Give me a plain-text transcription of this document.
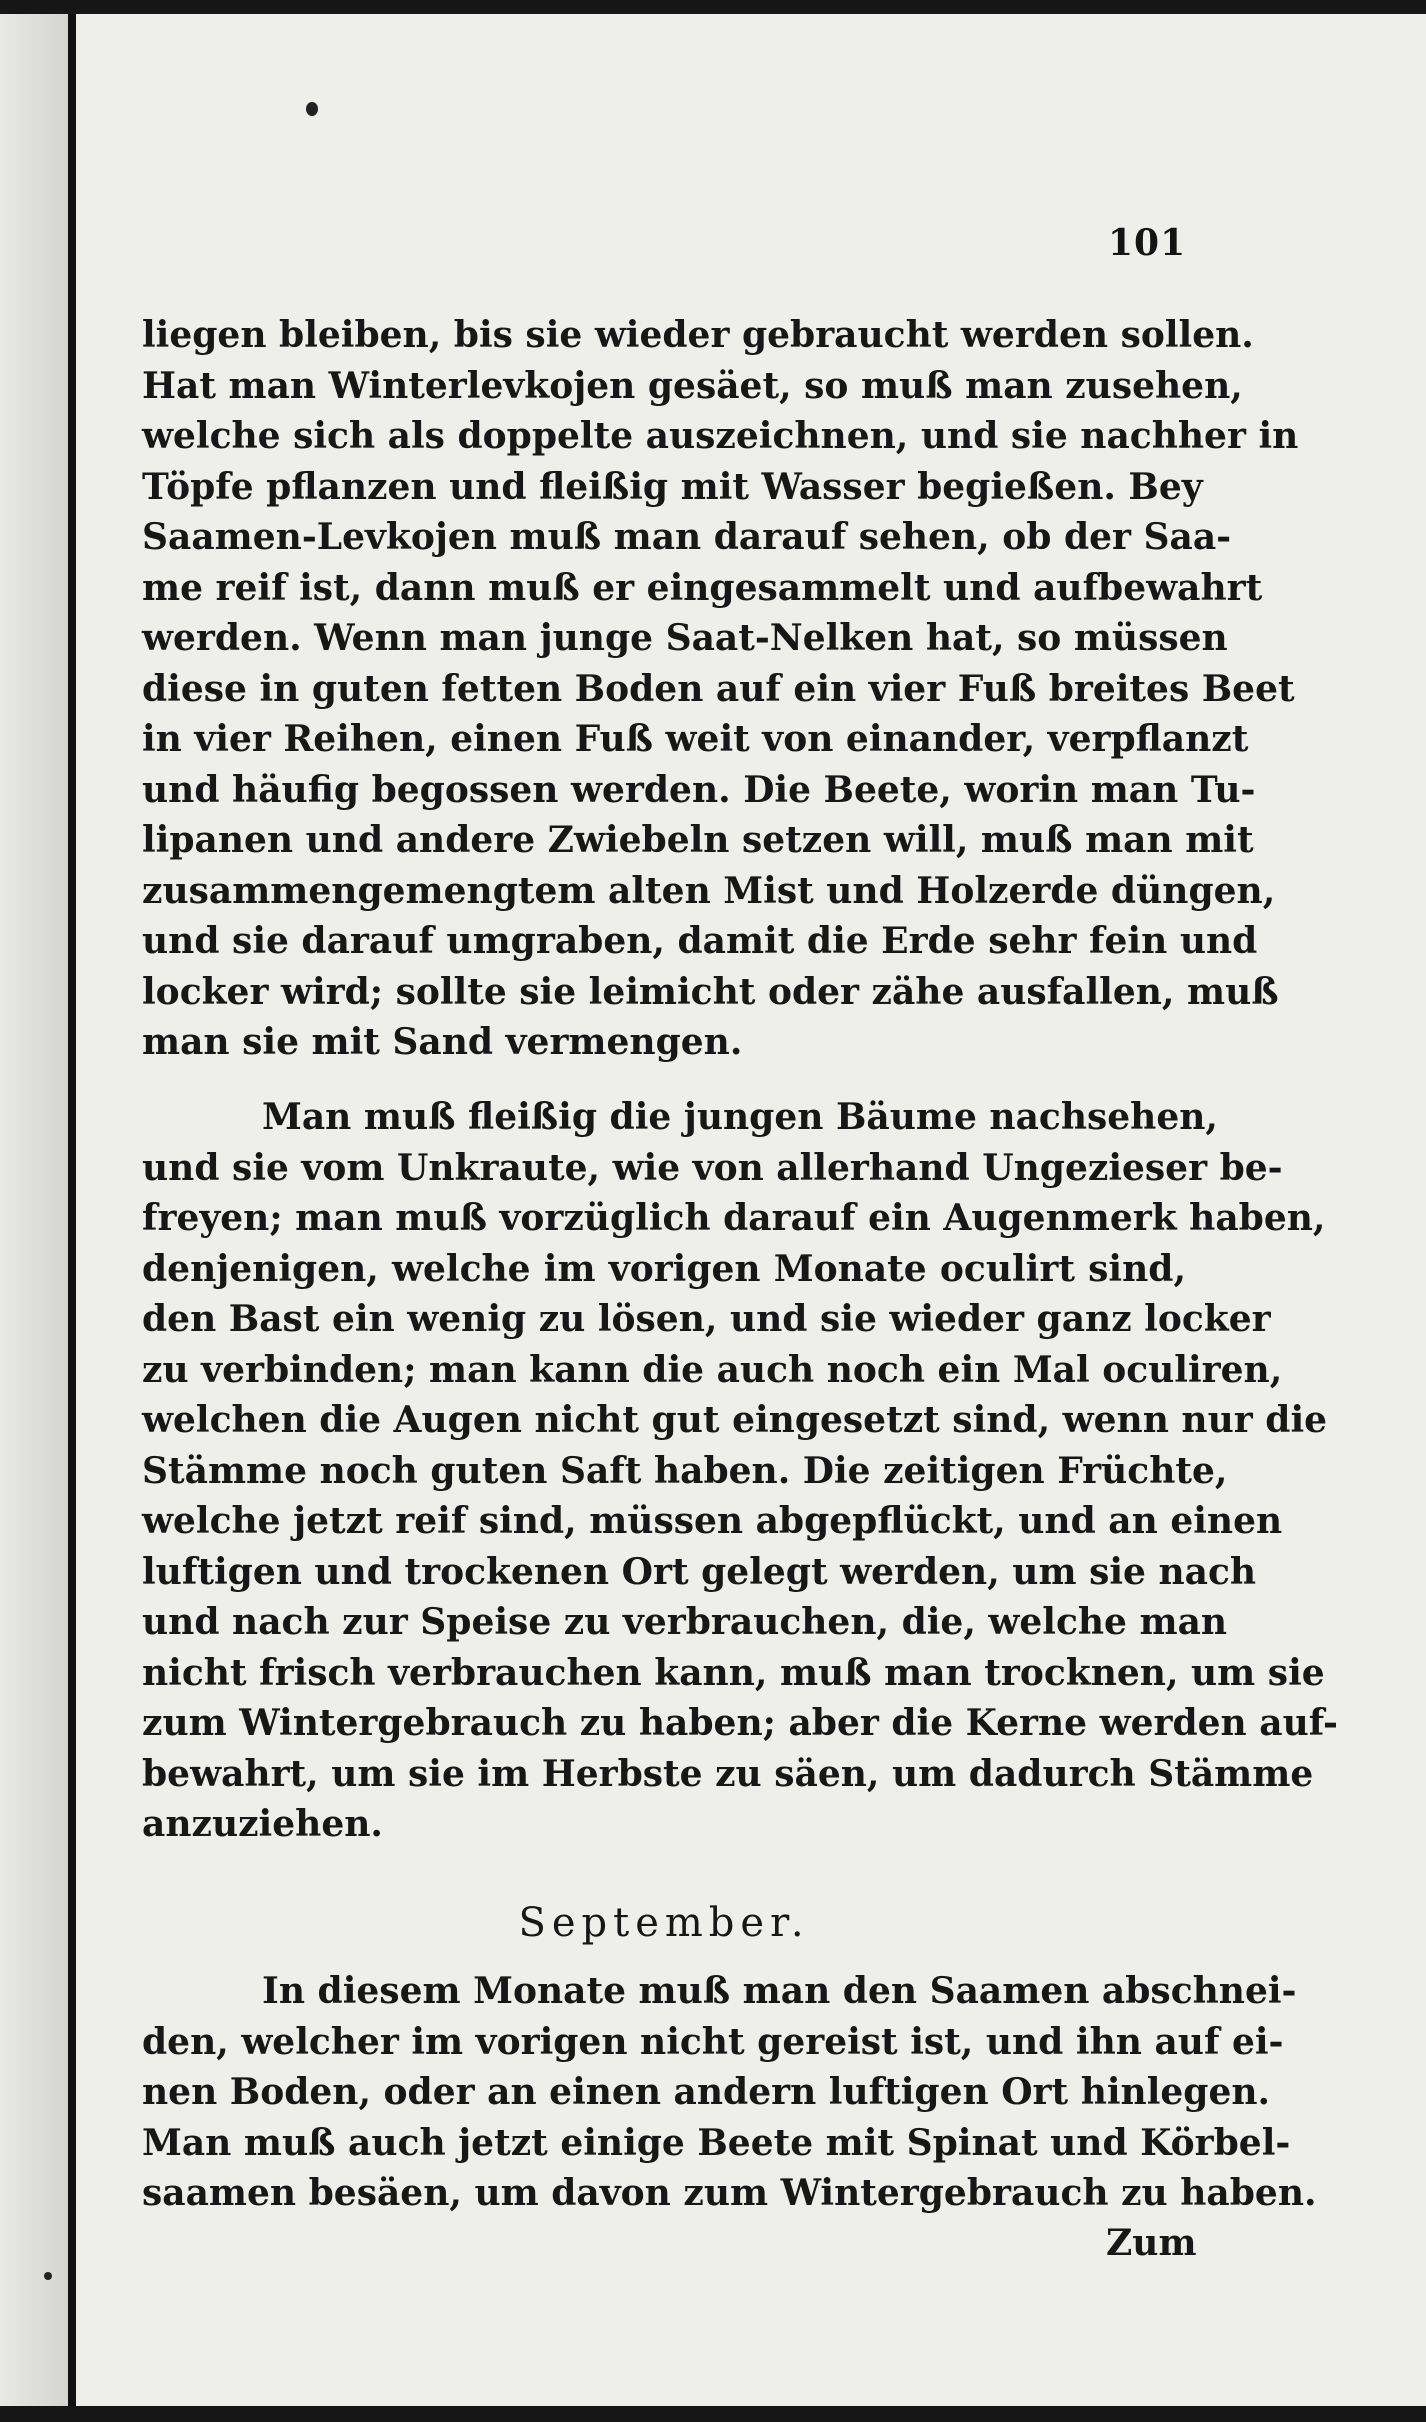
101
liegen bleiben, bis sie wieder gebraucht werden sollen.
Hat man Winterlevkojen gesäet, so muß man zusehen,
welche sich als doppelte auszeichnen, und sie nachher in
Töpfe pflanzen und fleißig mit Wasser begießen. Bey
Saamen-Levkojen muß man darauf sehen, ob der Saa-
me reif ist, dann muß er eingesammelt und aufbewahrt
werden. Wenn man junge Saat-Nelken hat, so müssen
diese in guten fetten Boden auf ein vier Fuß breites Beet
in vier Reihen, einen Fuß weit von einander, verpflanzt
und häufig begossen werden. Die Beete, worin man Tu-
lipanen und andere Zwiebeln setzen will, muß man mit
zusammengemengtem alten Mist und Holzerde düngen,
und sie darauf umgraben, damit die Erde sehr fein und
locker wird; sollte sie leimicht oder zähe ausfallen, muß
man sie mit Sand vermengen.
Man muß fleißig die jungen Bäume nachsehen,
und sie vom Unkraute, wie von allerhand Ungezieser be-
freyen; man muß vorzüglich darauf ein Augenmerk haben,
denjenigen, welche im vorigen Monate oculirt sind,
den Bast ein wenig zu lösen, und sie wieder ganz locker
zu verbinden; man kann die auch noch ein Mal oculiren,
welchen die Augen nicht gut eingesetzt sind, wenn nur die
Stämme noch guten Saft haben. Die zeitigen Früchte,
welche jetzt reif sind, müssen abgepflückt, und an einen
luftigen und trockenen Ort gelegt werden, um sie nach
und nach zur Speise zu verbrauchen, die, welche man
nicht frisch verbrauchen kann, muß man trocknen, um sie
zum Wintergebrauch zu haben; aber die Kerne werden auf-
bewahrt, um sie im Herbste zu säen, um dadurch Stämme
anzuziehen.
September.
In diesem Monate muß man den Saamen abschnei-
den, welcher im vorigen nicht gereist ist, und ihn auf ei-
nen Boden, oder an einen andern luftigen Ort hinlegen.
Man muß auch jetzt einige Beete mit Spinat und Körbel-
saamen besäen, um davon zum Wintergebrauch zu haben.
Zum
